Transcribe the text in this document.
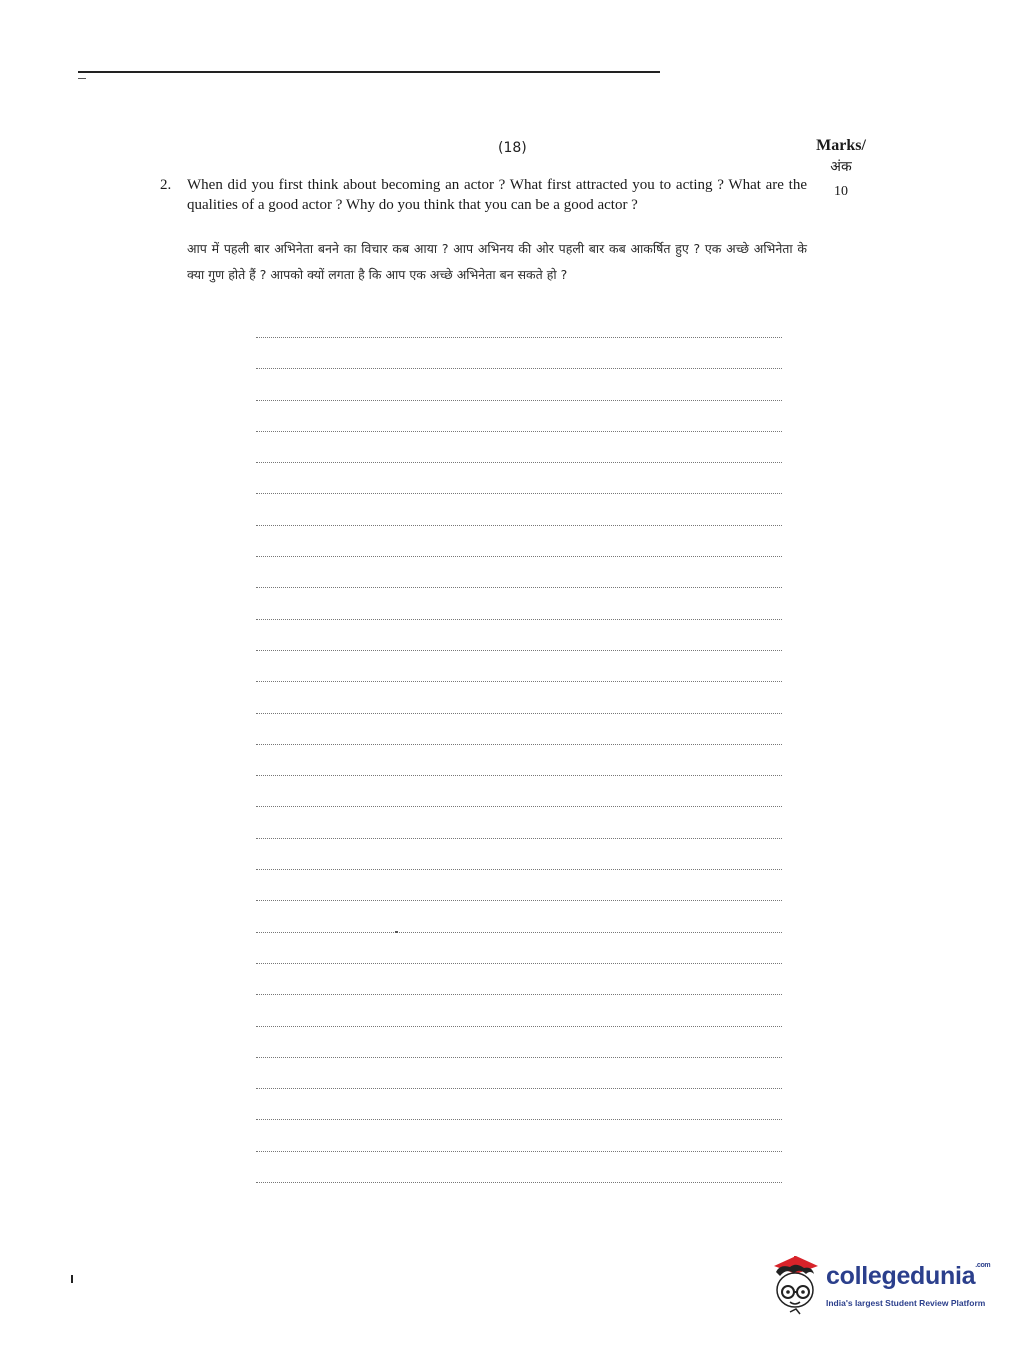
(18)	Marks/
अंक
10
2. When did you first think about becoming an actor ? What first attracted you to acting ? What are the qualities of a good actor ? Why do you think that you can be a good actor ?
आप में पहली बार अभिनेता बनने का विचार कब आया ? आप अभिनय की ओर पहली बार कब आकर्षित हुए ? एक अच्छे अभिनेता के क्या गुण होते हैं ? आपको क्यों लगता है कि आप एक अच्छे अभिनेता बन सकते हो ?
collegedunia$^{.com}$
India's largest Student Review Platform
